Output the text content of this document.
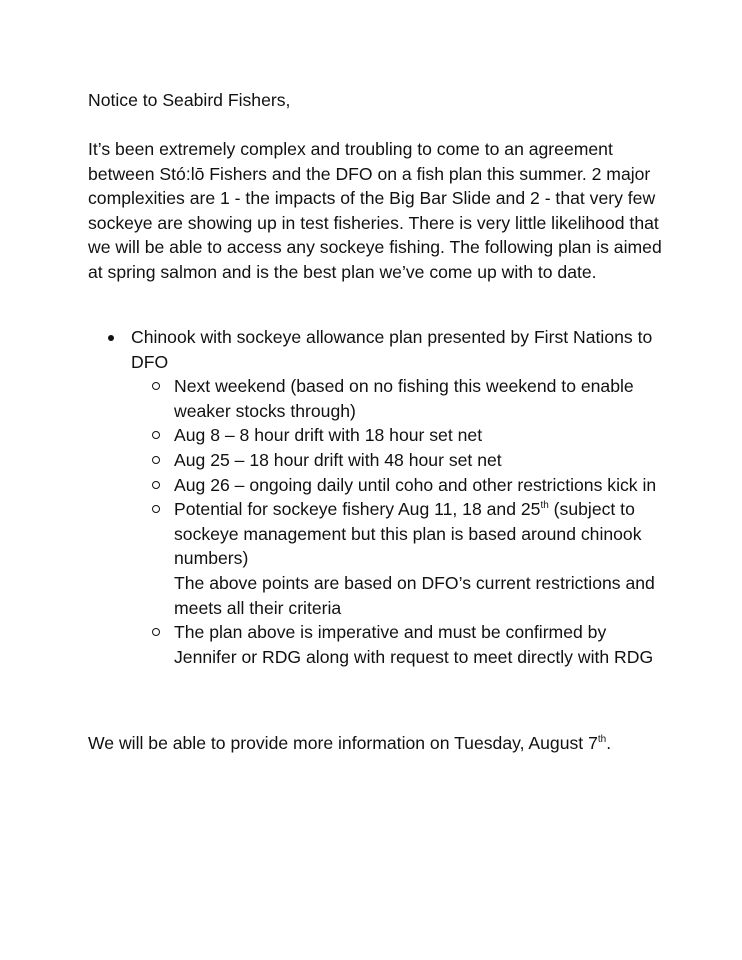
Notice to Seabird Fishers,

It’s been extremely complex and troubling to come to an agreement between Stó:lō Fishers and the DFO on a fish plan this summer. 2 major complexities are 1 - the impacts of the Big Bar Slide and 2 - that very few sockeye are showing up in test fisheries. There is very little likelihood that we will be able to access any sockeye fishing. The following plan is aimed at spring salmon and is the best plan we’ve come up with to date.

Chinook with sockeye allowance plan presented by First Nations to DFO
Next weekend (based on no fishing this weekend to enable weaker stocks through)
Aug 8 – 8 hour drift with 18 hour set net
Aug 25 – 18 hour drift with 48 hour set net
Aug 26 – ongoing daily until coho and other restrictions kick in
Potential for sockeye fishery Aug 11, 18 and 25th (subject to sockeye management but this plan is based around chinook numbers)
The above points are based on DFO’s current restrictions and meets all their criteria
The plan above is imperative and must be confirmed by Jennifer or RDG along with request to meet directly with RDG

We will be able to provide more information on Tuesday, August 7th.
